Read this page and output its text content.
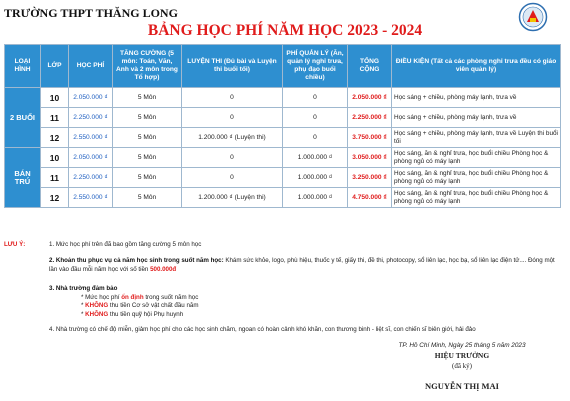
TRƯỜNG THPT THĂNG LONG
BẢNG HỌC PHÍ NĂM HỌC 2023 - 2024
LOẠI HÌNH	LỚP	HỌC PHÍ	TĂNG CƯỜNG (5 môn: Toán, Văn, Anh và 2 môn trong Tổ hợp)	LUYỆN THI (Đủ bài và Luyện thi buổi tối)	PHÍ QUẢN LÝ (Ăn, quản lý nghỉ trưa, phụ đạo buổi chiều)	TỔNG CỘNG	ĐIỀU KIỆN (Tất cả các phòng nghỉ trưa đều có giáo viên quản lý)
2 BUỔI	10	2.050.000 ₫	5 Môn	0	0	2.050.000 ₫	Học sáng + chiều, phòng máy lạnh, trưa về
	11	2.250.000 ₫	5 Môn	0	0	2.250.000 ₫	Học sáng + chiều, phòng máy lạnh, trưa về
	12	2.550.000 ₫	5 Môn	1.200.000 ₫ (Luyện thi)	0	3.750.000 ₫	Học sáng + chiều, phòng máy lạnh, trưa về Luyện thi buổi tối
BÁN TRÚ	10	2.050.000 ₫	5 Môn	0	1.000.000 ₫	3.050.000 ₫	Học sáng, ăn & nghỉ trưa, học buổi chiều Phòng học & phòng ngủ có máy lạnh
	11	2.250.000 ₫	5 Môn	0	1.000.000 ₫	3.250.000 ₫	Học sáng, ăn & nghỉ trưa, học buổi chiều Phòng học & phòng ngủ có máy lạnh
	12	2.550.000 ₫	5 Môn	1.200.000 ₫ (Luyện thi)	1.000.000 ₫	4.750.000 ₫	Học sáng, ăn & nghỉ trưa, học buổi chiều Phòng học & phòng ngủ có máy lạnh
LƯU Ý:	1. Mức học phí trên đã bao gồm tăng cường 5 môn học
2. Khoản thu phục vụ cả năm học sinh trong suốt năm học: Khám sức khỏe, logo, phù hiệu, thuốc y tế, giấy thi, đề thi, photocopy, sổ liên lạc, học bạ, sổ liên lạc điện tử.... Đóng một lần vào đầu mỗi năm học với số tiền 500.000đ
3. Nhà trường đảm bảo
* Mức học phí ổn định trong suốt năm học
* KHÔNG thu tiền Cơ sở vật chất đầu năm
* KHÔNG thu tiền quỹ hội Phụ huynh
4. Nhà trường có chế độ miễn, giảm học phí cho các học sinh chăm, ngoan có hoàn cảnh khó khăn, con thương binh - liệt sĩ, con chiến sĩ biên giới, hải đảo
TP. Hồ Chí Minh, Ngày 25 tháng 5 năm 2023
HIỆU TRƯỞNG
(đã ký)
NGUYỄN THỊ MAI
